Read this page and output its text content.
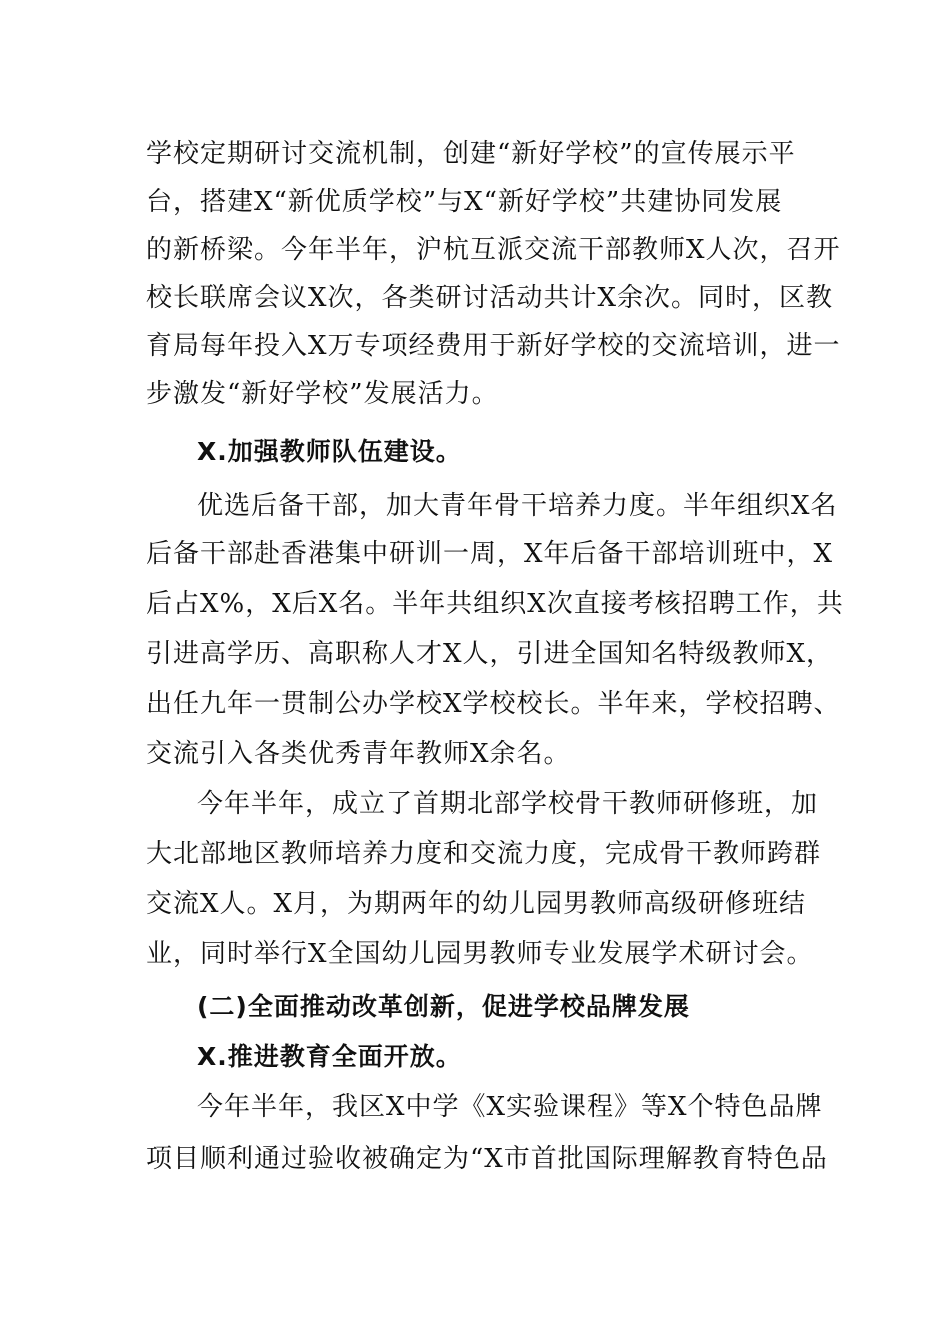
学校定期研讨交流机制，创建“新好学校”的宣传展示平
台，搭建X“新优质学校”与X“新好学校”共建协同发展
的新桥梁。今年半年，沪杭互派交流干部教师X人次，召开
校长联席会议X次，各类研讨活动共计X余次。同时，区教
育局每年投入X万专项经费用于新好学校的交流培训，进一
步激发“新好学校”发展活力。
X.加强教师队伍建设。
优选后备干部，加大青年骨干培养力度。半年组织X名
后备干部赴香港集中研训一周，X年后备干部培训班中，X
后占X%，X后X名。半年共组织X次直接考核招聘工作，共
引进高学历、高职称人才X人，引进全国知名特级教师X，
出任九年一贯制公办学校X学校校长。半年来，学校招聘、
交流引入各类优秀青年教师X余名。
今年半年，成立了首期北部学校骨干教师研修班，加
大北部地区教师培养力度和交流力度，完成骨干教师跨群
交流X人。X月，为期两年的幼儿园男教师高级研修班结
业，同时举行X全国幼儿园男教师专业发展学术研讨会。
(二)全面推动改革创新，促进学校品牌发展
X.推进教育全面开放。
今年半年，我区X中学《X实验课程》等X个特色品牌
项目顺利通过验收被确定为“X市首批国际理解教育特色品
